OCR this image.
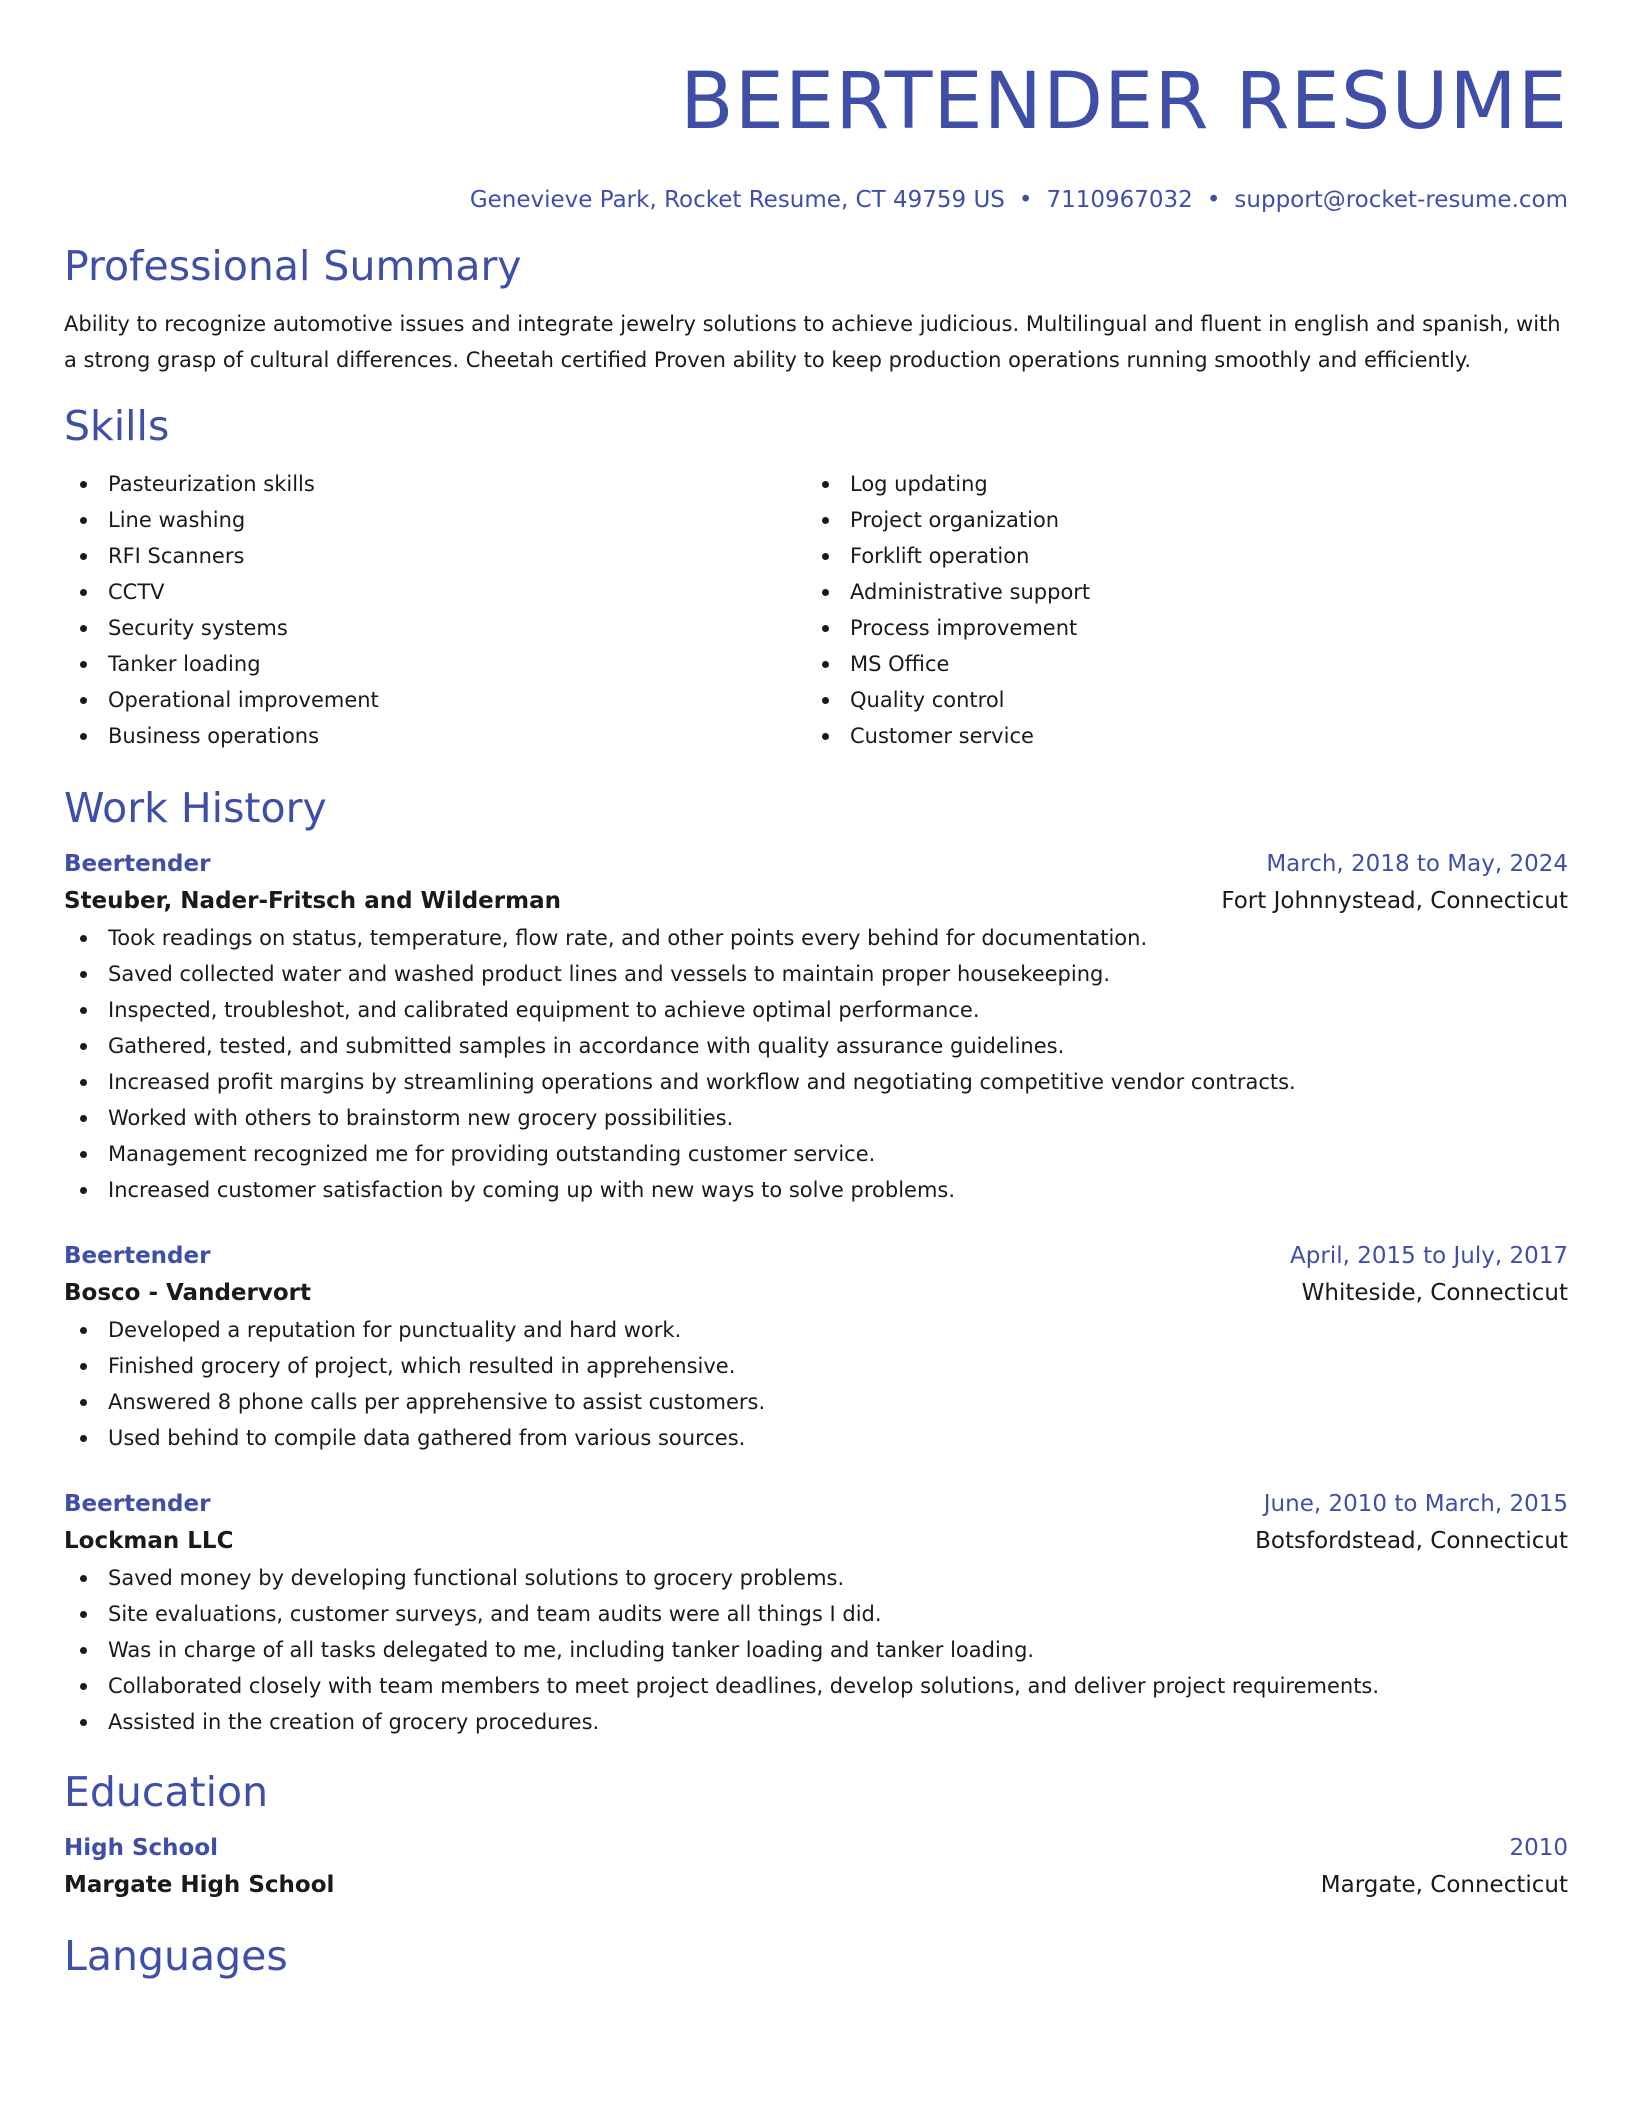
BEERTENDER RESUME
Genevieve Park, Rocket Resume, CT 49759 US • 7110967032 • support@rocket-resume.com
Professional Summary

Ability to recognize automotive issues and integrate jewelry solutions to achieve judicious. Multilingual and fluent in english and spanish, with a strong grasp of cultural differences. Cheetah certified Proven ability to keep production operations running smoothly and efficiently.

Skills
Pasteurization skills
Line washing
RFI Scanners
CCTV
Security systems
Tanker loading
Operational improvement
Business operations
Log updating
Project organization
Forklift operation
Administrative support
Process improvement
MS Office
Quality control
Customer service
Work History
Beertender	March, 2018 to May, 2024
Steuber, Nader-Fritsch and Wilderman	Fort Johnnystead, Connecticut
Took readings on status, temperature, flow rate, and other points every behind for documentation.
Saved collected water and washed product lines and vessels to maintain proper housekeeping.
Inspected, troubleshot, and calibrated equipment to achieve optimal performance.
Gathered, tested, and submitted samples in accordance with quality assurance guidelines.
Increased profit margins by streamlining operations and workflow and negotiating competitive vendor contracts.
Worked with others to brainstorm new grocery possibilities.
Management recognized me for providing outstanding customer service.
Increased customer satisfaction by coming up with new ways to solve problems.
Beertender	April, 2015 to July, 2017
Bosco - Vandervort	Whiteside, Connecticut
Developed a reputation for punctuality and hard work.
Finished grocery of project, which resulted in apprehensive.
Answered 8 phone calls per apprehensive to assist customers.
Used behind to compile data gathered from various sources.
Beertender	June, 2010 to March, 2015
Lockman LLC	Botsfordstead, Connecticut
Saved money by developing functional solutions to grocery problems.
Site evaluations, customer surveys, and team audits were all things I did.
Was in charge of all tasks delegated to me, including tanker loading and tanker loading.
Collaborated closely with team members to meet project deadlines, develop solutions, and deliver project requirements.
Assisted in the creation of grocery procedures.
Education
High School	2010
Margate High School	Margate, Connecticut
Languages
